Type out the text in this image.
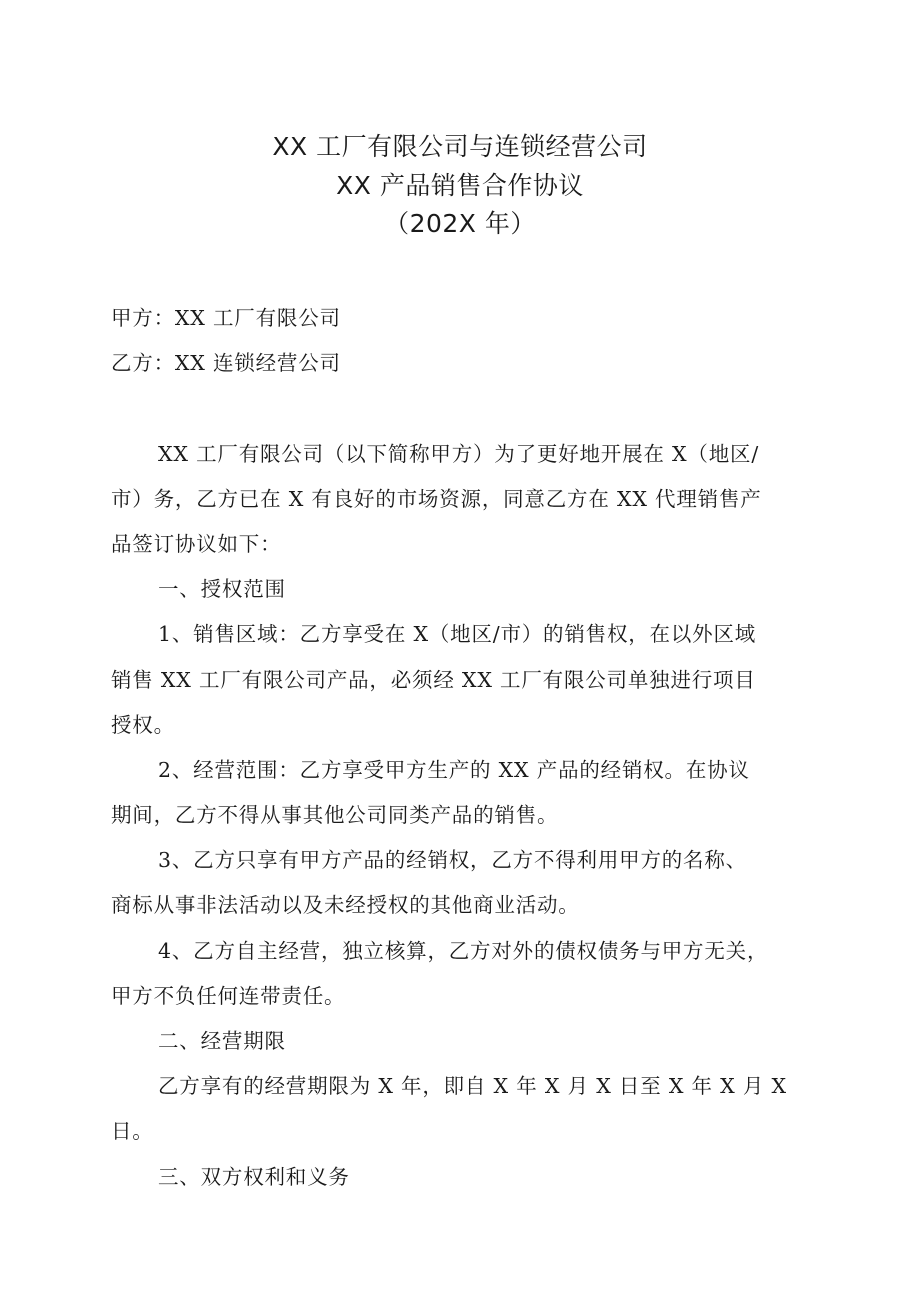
XX 工厂有限公司与连锁经营公司
XX 产品销售合作协议
（202X 年）
甲方：XX 工厂有限公司
乙方：XX 连锁经营公司
XX 工厂有限公司（以下简称甲方）为了更好地开展在 X（地区/
市）务，乙方已在 X 有良好的市场资源，同意乙方在 XX 代理销售产
品签订协议如下：
一、授权范围
1、销售区域：乙方享受在 X（地区/市）的销售权，在以外区域
销售 XX 工厂有限公司产品，必须经 XX 工厂有限公司单独进行项目
授权。
2、经营范围：乙方享受甲方生产的 XX 产品的经销权。在协议
期间，乙方不得从事其他公司同类产品的销售。
3、乙方只享有甲方产品的经销权，乙方不得利用甲方的名称、
商标从事非法活动以及未经授权的其他商业活动。
4、乙方自主经营，独立核算，乙方对外的债权债务与甲方无关，
甲方不负任何连带责任。
二、经营期限
乙方享有的经营期限为 X 年，即自 X 年 X 月 X 日至 X 年 X 月 X
日。
三、双方权利和义务
